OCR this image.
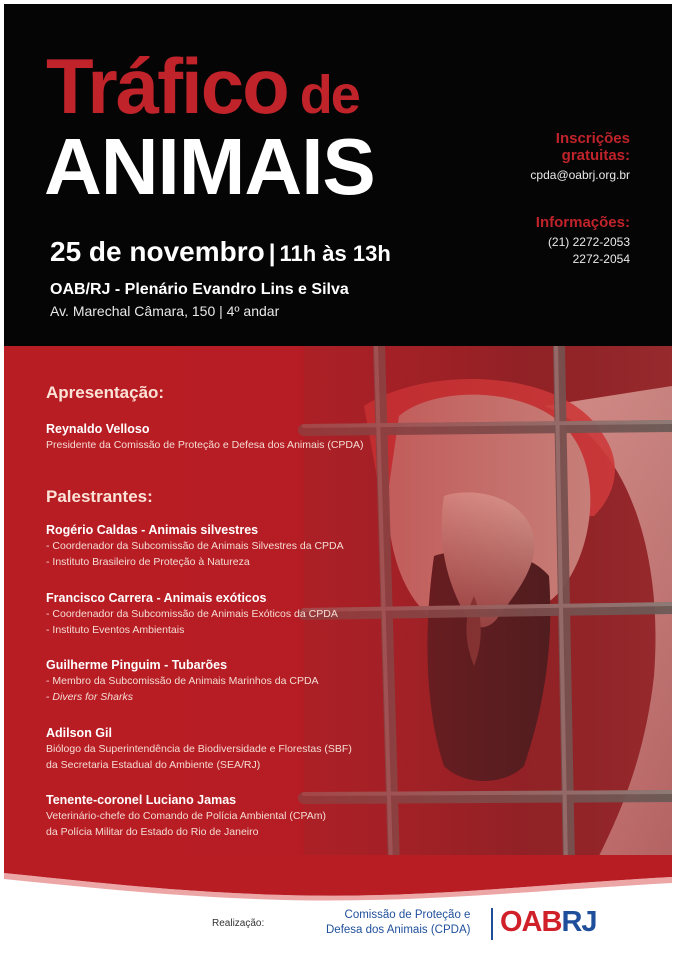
Tráfico de
ANIMAIS
25 de novembro | 11h às 13h
OAB/RJ - Plenário Evandro Lins e Silva
Av. Marechal Câmara, 150 | 4º andar
Inscrições
gratuitas:
cpda@oabrj.org.br
Informações:
(21) 2272-2053
2272-2054
Apresentação:
Reynaldo Velloso
Presidente da Comissão de Proteção e Defesa dos Animais (CPDA)
Palestrantes:
Rogério Caldas - Animais silvestres
- Coordenador da Subcomissão de Animais Silvestres da CPDA
- Instituto Brasileiro de Proteção à Natureza
Francisco Carrera - Animais exóticos
- Coordenador da Subcomissão de Animais Exóticos da CPDA
- Instituto Eventos Ambientais
Guilherme Pinguim - Tubarões
- Membro da Subcomissão de Animais Marinhos da CPDA
- Divers for Sharks
Adilson Gil
Biólogo da Superintendência de Biodiversidade e Florestas (SBF)
da Secretaria Estadual do Ambiente (SEA/RJ)
Tenente-coronel Luciano Jamas
Veterinário-chefe do Comando de Polícia Ambiental (CPAm)
da Polícia Militar do Estado do Rio de Janeiro
Realização:
Comissão de Proteção e
Defesa dos Animais (CPDA) OABRJ
